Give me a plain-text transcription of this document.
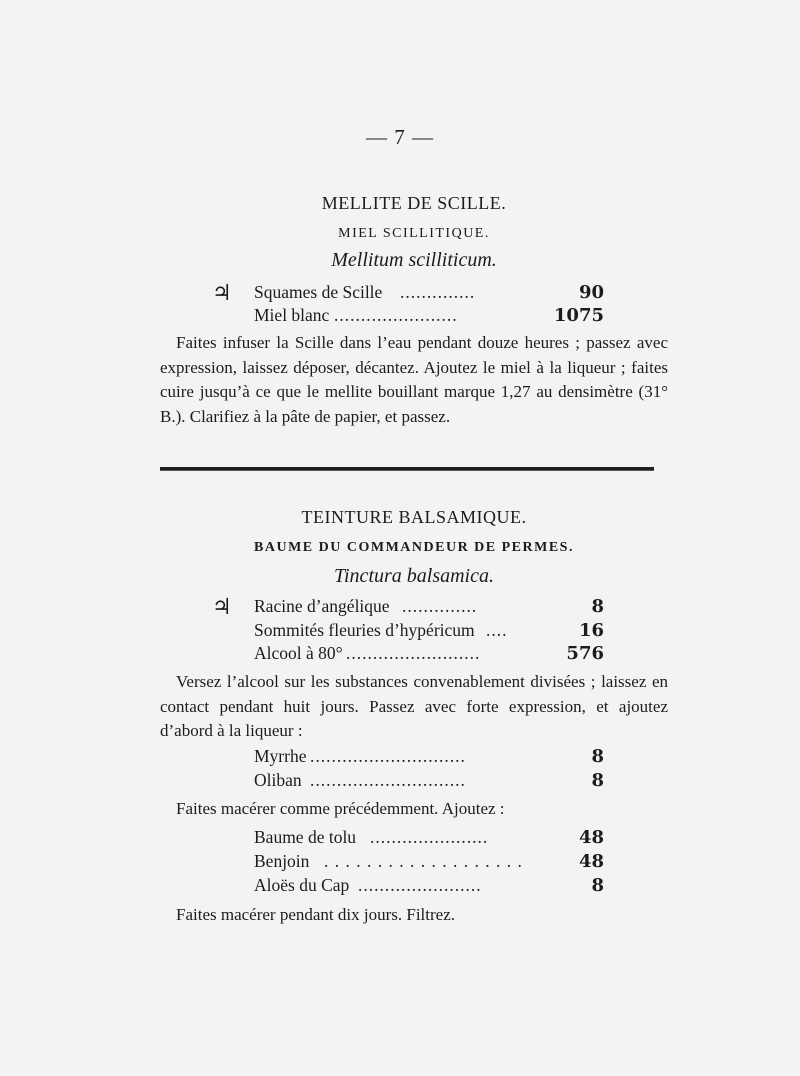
— 7 —
MELLITE DE SCILLE.
MIEL SCILLITIQUE.
Mellitum scilliticum.
♃ Squames de Scille ..............	90
Miel blanc .......................	1075
Faites infuser la Scille dans l’eau pendant douze heures ; passez avec expression, laissez déposer, décantez. Ajoutez le miel à la liqueur ; faites cuire jusqu’à ce que le mellite bouillant marque 1,27 au densimètre (31° B.). Clarifiez à la pâte de papier, et passez.
TEINTURE BALSAMIQUE.
BAUME DU COMMANDEUR DE PERMES.
Tinctura balsamica.
♃ Racine d’angélique ..............	8
Sommités fleuries d’hypéricum ....	16
Alcool à 80° .........................	576
Versez l’alcool sur les substances convenablement divisées ; laissez en contact pendant huit jours. Passez avec forte expression, et ajoutez d’abord à la liqueur :
Myrrhe .............................	8
Oliban .............................	8
Faites macérer comme précédemment. Ajoutez :
Baume de tolu ......................	48
Benjoin . . . . . . . . . . . . . . . . . . .	48
Aloës du Cap .......................	8
Faites macérer pendant dix jours. Filtrez.
